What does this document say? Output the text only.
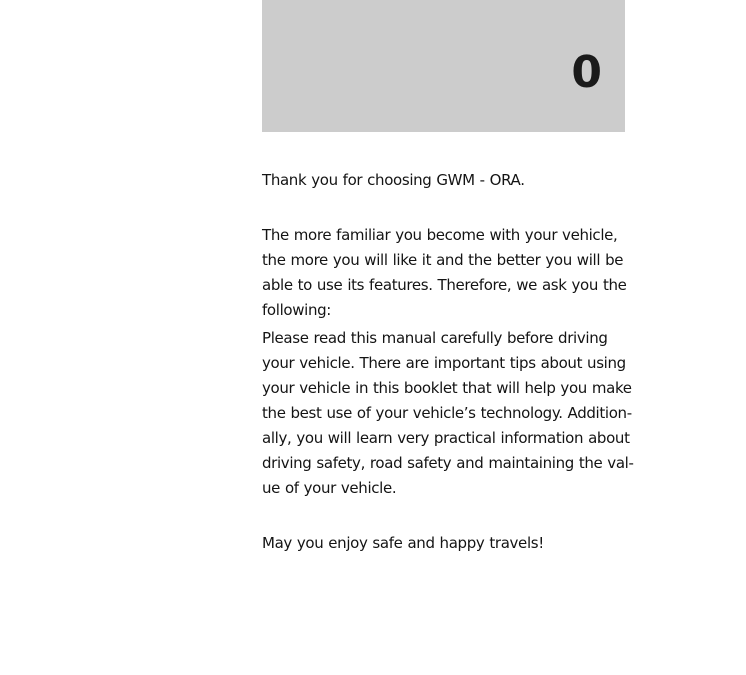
0

Thank you for choosing GWM - ORA.

The more familiar you become with your vehicle,
the more you will like it and the better you will be
able to use its features. Therefore, we ask you the
following:

Please read this manual carefully before driving
your vehicle. There are important tips about using
your vehicle in this booklet that will help you make
the best use of your vehicle’s technology. Addition-
ally, you will learn very practical information about
driving safety, road safety and maintaining the val-
ue of your vehicle.

May you enjoy safe and happy travels!
